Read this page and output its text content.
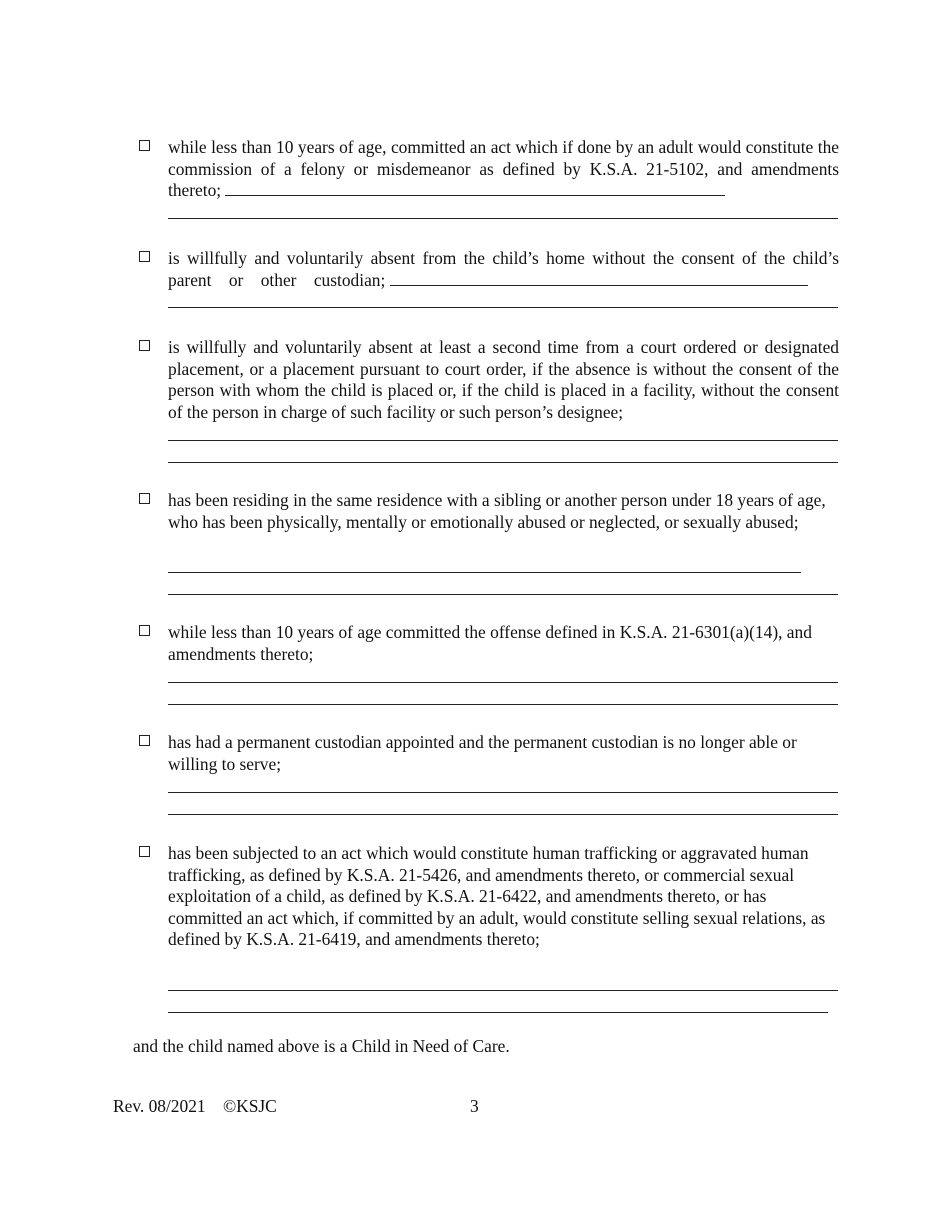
while less than 10 years of age, committed an act which if done by an adult would constitute the commission of a felony or misdemeanor as defined by K.S.A. 21-5102, and amendments thereto;
is willfully and voluntarily absent from the child’s home without the consent of the child’s parent    or    other    custodian;
is willfully and voluntarily absent at least a second time from a court ordered or designated placement, or a placement pursuant to court order, if the absence is without the consent of the person with whom the child is placed or, if the child is placed in a facility, without the consent of the person in charge of such facility or such person’s designee;
has been residing in the same residence with a sibling or another person under 18 years of age, who has been physically, mentally or emotionally abused or neglected, or sexually abused;
while less than 10 years of age committed the offense defined in K.S.A. 21-6301(a)(14), and amendments thereto;
has had a permanent custodian appointed and the permanent custodian is no longer able or willing to serve;
has been subjected to an act which would constitute human trafficking or aggravated human trafficking, as defined by K.S.A. 21-5426, and amendments thereto, or commercial sexual exploitation of a child, as defined by K.S.A. 21-6422, and amendments thereto, or has committed an act which, if committed by an adult, would constitute selling sexual relations, as defined by K.S.A. 21-6419, and amendments thereto;
and the child named above is a Child in Need of Care.
Rev. 08/2021    ©KSJC	3
